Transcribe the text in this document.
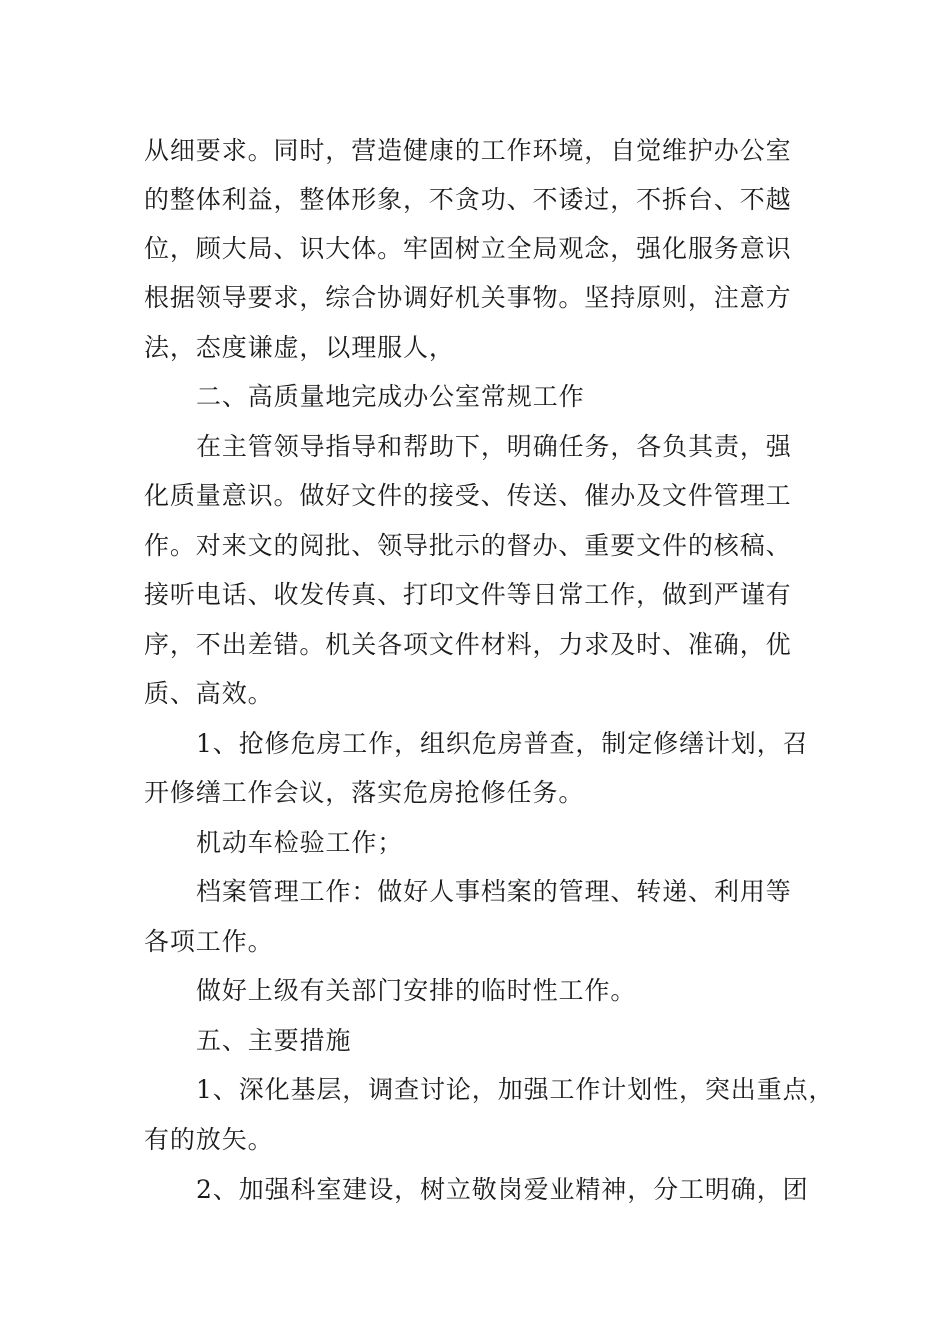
从细要求。同时，营造健康的工作环境，自觉维护办公室
的整体利益，整体形象，不贪功、不诿过，不拆台、不越
位，顾大局、识大体。牢固树立全局观念，强化服务意识
根据领导要求，综合协调好机关事物。坚持原则，注意方
法，态度谦虚，以理服人，
二、高质量地完成办公室常规工作
在主管领导指导和帮助下，明确任务，各负其责，强
化质量意识。做好文件的接受、传送、催办及文件管理工
作。对来文的阅批、领导批示的督办、重要文件的核稿、
接听电话、收发传真、打印文件等日常工作，做到严谨有
序，不出差错。机关各项文件材料，力求及时、准确，优
质、高效。
1、抢修危房工作，组织危房普查，制定修缮计划，召
开修缮工作会议，落实危房抢修任务。
机动车检验工作；
档案管理工作：做好人事档案的管理、转递、利用等
各项工作。
做好上级有关部门安排的临时性工作。
五、主要措施
1、深化基层，调查讨论，加强工作计划性，突出重点，
有的放矢。
2、加强科室建设，树立敬岗爱业精神，分工明确，团
